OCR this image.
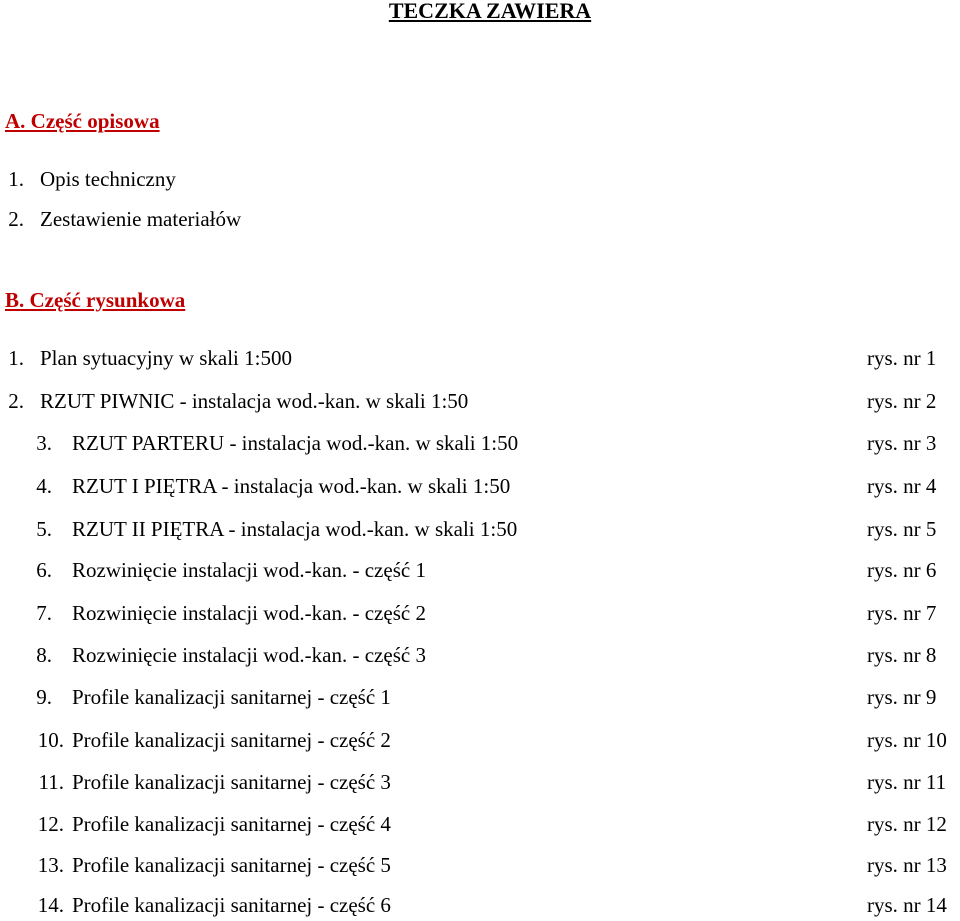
TECZKA ZAWIERA
A. Część opisowa
1. Opis techniczny
2. Zestawienie materiałów
B. Część rysunkowa
1. Plan sytuacyjny w skali 1:500	rys. nr 1
2. RZUT PIWNIC - instalacja wod.-kan. w skali 1:50	rys. nr 2
3. RZUT PARTERU - instalacja wod.-kan. w skali 1:50	rys. nr 3
4. RZUT I PIĘTRA - instalacja wod.-kan. w skali 1:50	rys. nr 4
5. RZUT II PIĘTRA - instalacja wod.-kan. w skali 1:50	rys. nr 5
6. Rozwinięcie instalacji wod.-kan. - część 1	rys. nr 6
7. Rozwinięcie instalacji wod.-kan. - część 2	rys. nr 7
8. Rozwinięcie instalacji wod.-kan. - część 3	rys. nr 8
9. Profile kanalizacji sanitarnej - część 1	rys. nr 9
10. Profile kanalizacji sanitarnej - część 2	rys. nr 10
11. Profile kanalizacji sanitarnej - część 3	rys. nr 11
12. Profile kanalizacji sanitarnej - część 4	rys. nr 12
13. Profile kanalizacji sanitarnej - część 5	rys. nr 13
14. Profile kanalizacji sanitarnej - część 6	rys. nr 14
